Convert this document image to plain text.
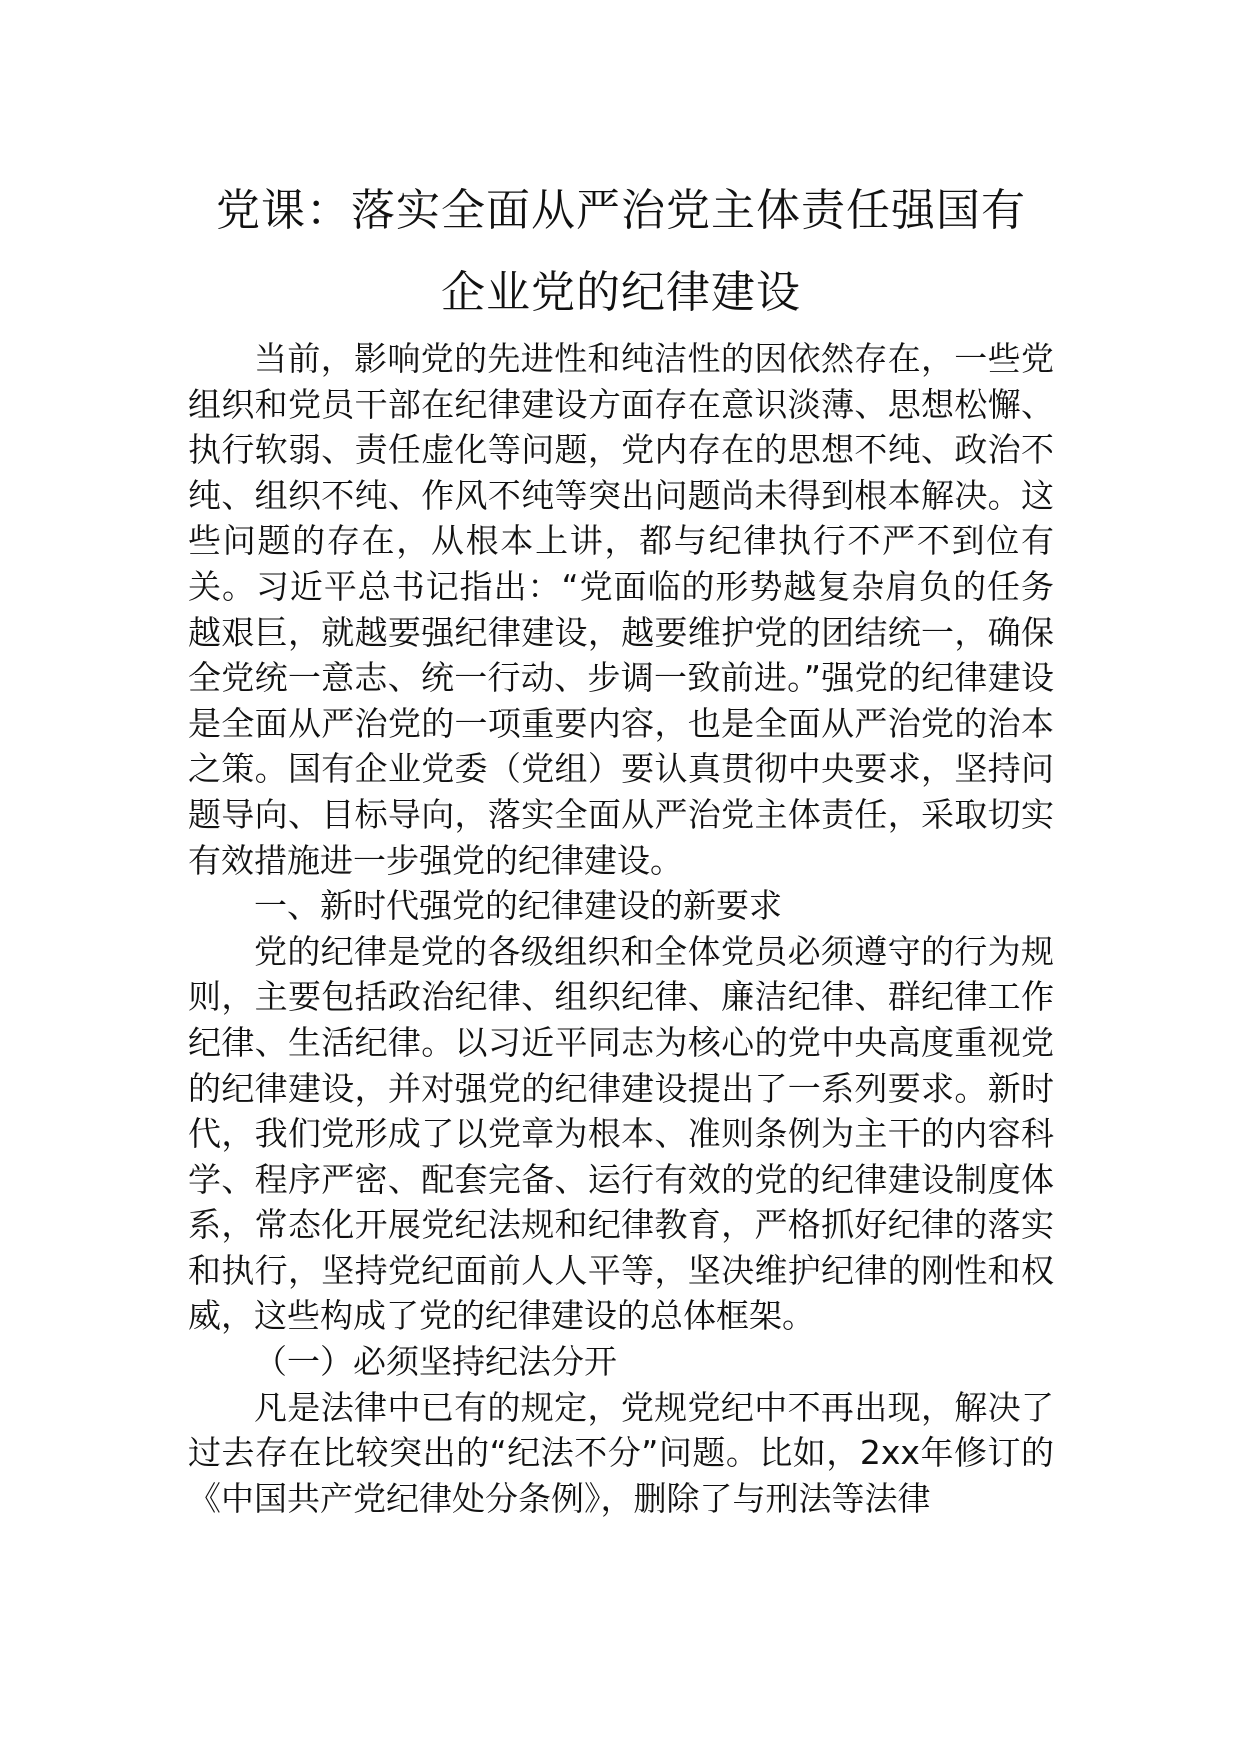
党课：落实全面从严治党主体责任强国有
企业党的纪律建设

当前，影响党的先进性和纯洁性的因依然存在，一些党组织和党员干部在纪律建设方面存在意识淡薄、思想松懈、执行软弱、责任虚化等问题，党内存在的思想不纯、政治不纯、组织不纯、作风不纯等突出问题尚未得到根本解决。这些问题的存在，从根本上讲，都与纪律执行不严不到位有关。习近平总书记指出：“党面临的形势越复杂肩负的任务越艰巨，就越要强纪律建设，越要维护党的团结统一，确保全党统一意志、统一行动、步调一致前进。”强党的纪律建设是全面从严治党的一项重要内容，也是全面从严治党的治本之策。国有企业党委（党组）要认真贯彻中央要求，坚持问题导向、目标导向，落实全面从严治党主体责任，采取切实有效措施进一步强党的纪律建设。

一、新时代强党的纪律建设的新要求

党的纪律是党的各级组织和全体党员必须遵守的行为规则，主要包括政治纪律、组织纪律、廉洁纪律、群纪律工作纪律、生活纪律。以习近平同志为核心的党中央高度重视党的纪律建设，并对强党的纪律建设提出了一系列要求。新时代，我们党形成了以党章为根本、准则条例为主干的内容科学、程序严密、配套完备、运行有效的党的纪律建设制度体系，常态化开展党纪法规和纪律教育，严格抓好纪律的落实和执行，坚持党纪面前人人平等，坚决维护纪律的刚性和权威，这些构成了党的纪律建设的总体框架。

（一）必须坚持纪法分开

凡是法律中已有的规定，党规党纪中不再出现，解决了过去存在比较突出的“纪法不分”问题。比如，2xx年修订的《中国共产党纪律处分条例》，删除了与刑法等法律
